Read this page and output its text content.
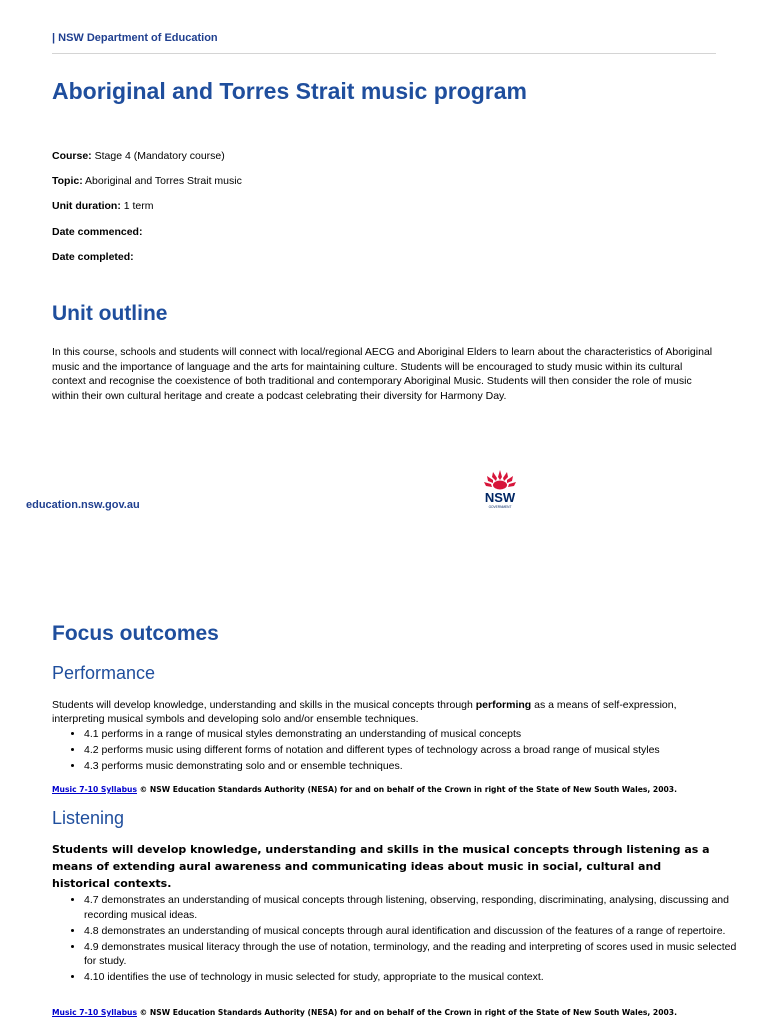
| NSW Department of Education
Aboriginal and Torres Strait music program
Course: Stage 4 (Mandatory course)
Topic: Aboriginal and Torres Strait music
Unit duration: 1 term
Date commenced:
Date completed:
Unit outline

In this course, schools and students will connect with local/regional AECG and Aboriginal Elders to learn about the characteristics of Aboriginal music and the importance of language and the arts for maintaining culture. Students will be encouraged to study music within its cultural context and recognise the coexistence of both traditional and contemporary Aboriginal Music. Students will then consider the role of music within their own cultural heritage and create a podcast celebrating their diversity for Harmony Day.

education.nsw.gov.au	NSW
GOVERNMENT
Focus outcomes
Performance

Students will develop knowledge, understanding and skills in the musical concepts through performing as a means of self-expression, interpreting musical symbols and developing solo and/or ensemble techniques.

• 4.1 performs in a range of musical styles demonstrating an understanding of musical concepts
• 4.2 performs music using different forms of notation and different types of technology across a broad range of musical styles
• 4.3 performs music demonstrating solo and or ensemble techniques.
Music 7-10 Syllabus © NSW Education Standards Authority (NESA) for and on behalf of the Crown in right of the State of New South Wales, 2003.
Listening

Students will develop knowledge, understanding and skills in the musical concepts through listening as a means of extending aural awareness and communicating ideas about music in social, cultural and historical contexts.

• 4.7 demonstrates an understanding of musical concepts through listening, observing, responding, discriminating, analysing, discussing and recording musical ideas.
• 4.8 demonstrates an understanding of musical concepts through aural identification and discussion of the features of a range of repertoire.
• 4.9 demonstrates musical literacy through the use of notation, terminology, and the reading and interpreting of scores used in music selected for study.
• 4.10 identifies the use of technology in music selected for study, appropriate to the musical context.
Music 7-10 Syllabus © NSW Education Standards Authority (NESA) for and on behalf of the Crown in right of the State of New South Wales, 2003.
